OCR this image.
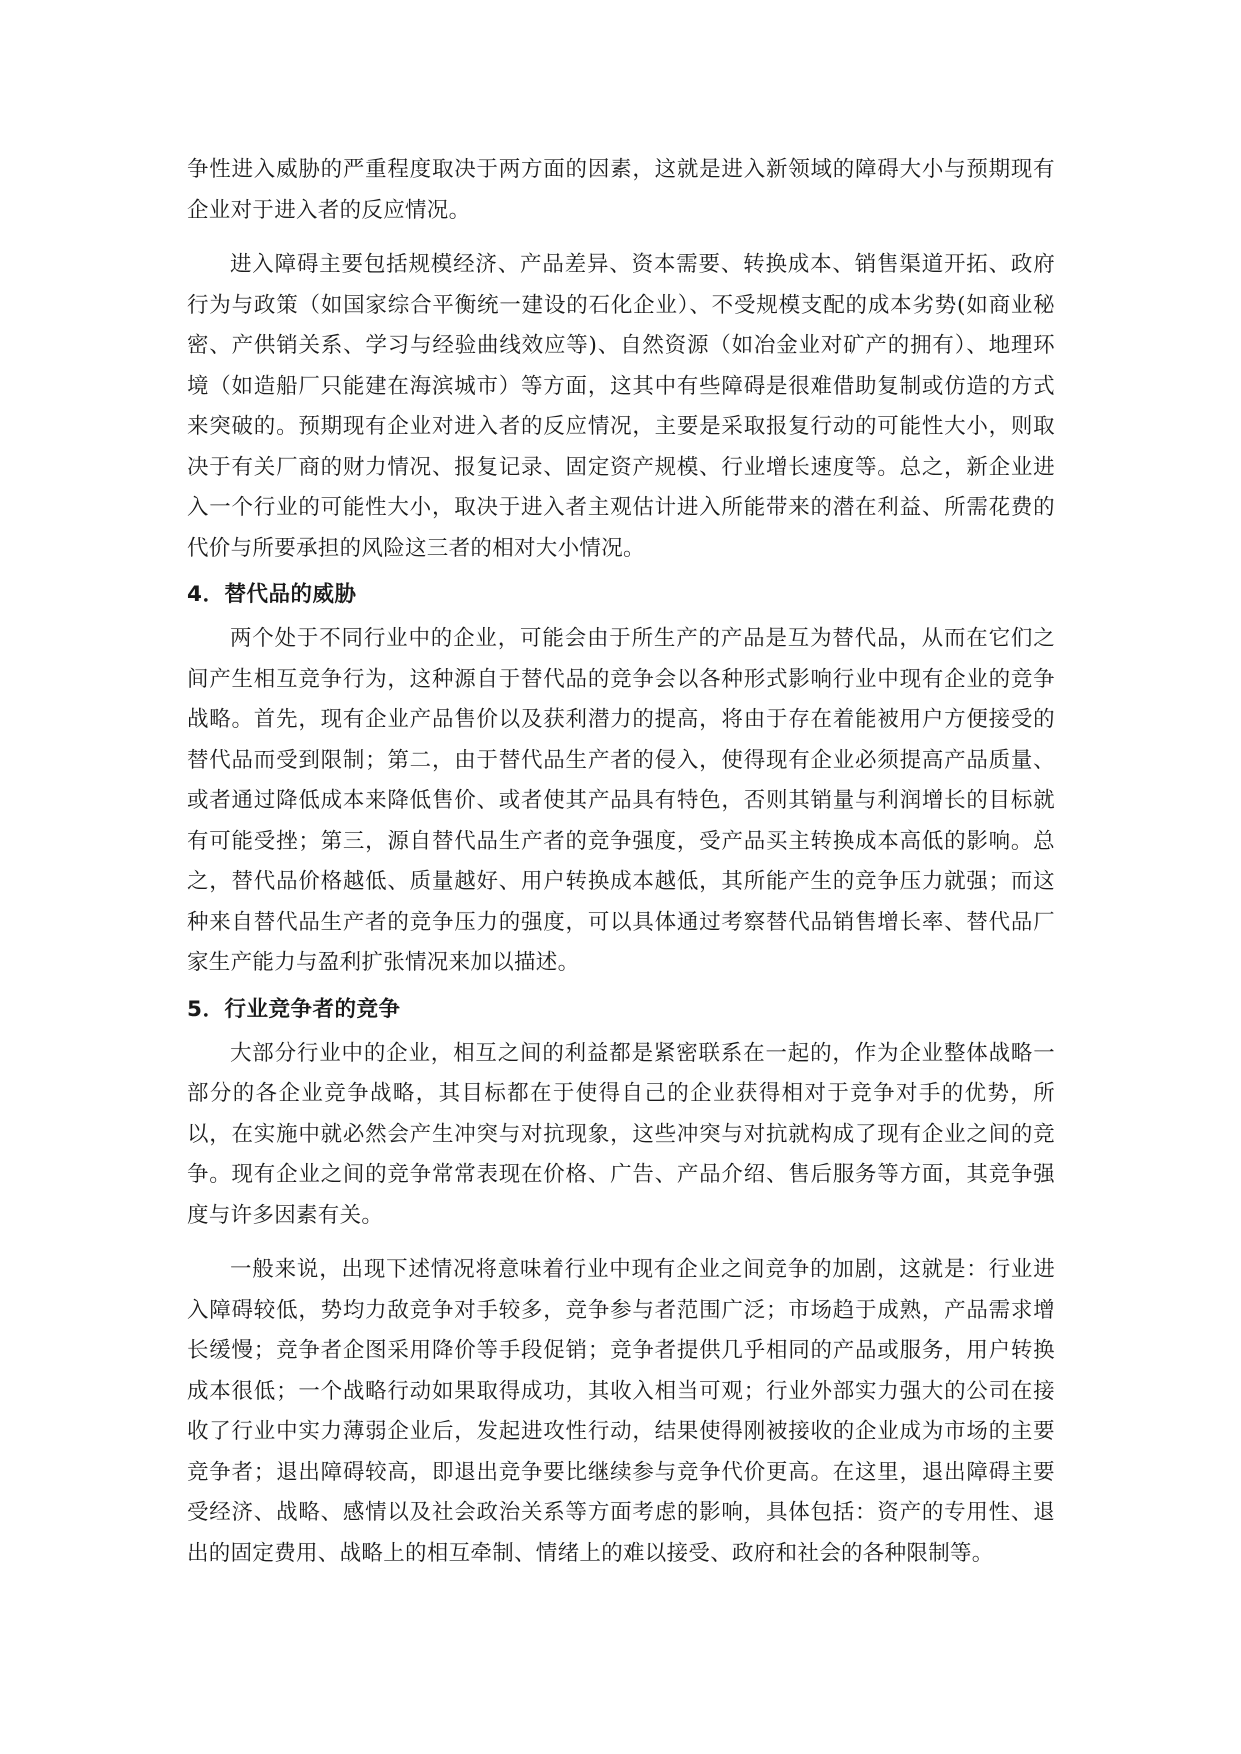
争性进入威胁的严重程度取决于两方面的因素，这就是进入新领域的障碍大小与预期现有企业对于进入者的反应情况。

进入障碍主要包括规模经济、产品差异、资本需要、转换成本、销售渠道开拓、政府行为与政策（如国家综合平衡统一建设的石化企业）、不受规模支配的成本劣势(如商业秘密、产供销关系、学习与经验曲线效应等)、自然资源（如冶金业对矿产的拥有）、地理环境（如造船厂只能建在海滨城市）等方面，这其中有些障碍是很难借助复制或仿造的方式来突破的。预期现有企业对进入者的反应情况，主要是采取报复行动的可能性大小，则取决于有关厂商的财力情况、报复记录、固定资产规模、行业增长速度等。总之，新企业进入一个行业的可能性大小，取决于进入者主观估计进入所能带来的潜在利益、所需花费的代价与所要承担的风险这三者的相对大小情况。

4．替代品的威胁

两个处于不同行业中的企业，可能会由于所生产的产品是互为替代品，从而在它们之间产生相互竞争行为，这种源自于替代品的竞争会以各种形式影响行业中现有企业的竞争战略。首先，现有企业产品售价以及获利潜力的提高，将由于存在着能被用户方便接受的替代品而受到限制；第二，由于替代品生产者的侵入，使得现有企业必须提高产品质量、或者通过降低成本来降低售价、或者使其产品具有特色，否则其销量与利润增长的目标就有可能受挫；第三，源自替代品生产者的竞争强度，受产品买主转换成本高低的影响。总之，替代品价格越低、质量越好、用户转换成本越低，其所能产生的竞争压力就强；而这种来自替代品生产者的竞争压力的强度，可以具体通过考察替代品销售增长率、替代品厂家生产能力与盈利扩张情况来加以描述。

5．行业竞争者的竞争

大部分行业中的企业，相互之间的利益都是紧密联系在一起的，作为企业整体战略一部分的各企业竞争战略，其目标都在于使得自己的企业获得相对于竞争对手的优势，所以，在实施中就必然会产生冲突与对抗现象，这些冲突与对抗就构成了现有企业之间的竞争。现有企业之间的竞争常常表现在价格、广告、产品介绍、售后服务等方面，其竞争强度与许多因素有关。

一般来说，出现下述情况将意味着行业中现有企业之间竞争的加剧，这就是：行业进入障碍较低，势均力敌竞争对手较多，竞争参与者范围广泛；市场趋于成熟，产品需求增长缓慢；竞争者企图采用降价等手段促销；竞争者提供几乎相同的产品或服务，用户转换成本很低；一个战略行动如果取得成功，其收入相当可观；行业外部实力强大的公司在接收了行业中实力薄弱企业后，发起进攻性行动，结果使得刚被接收的企业成为市场的主要竞争者；退出障碍较高，即退出竞争要比继续参与竞争代价更高。在这里，退出障碍主要受经济、战略、感情以及社会政治关系等方面考虑的影响，具体包括：资产的专用性、退出的固定费用、战略上的相互牵制、情绪上的难以接受、政府和社会的各种限制等。
